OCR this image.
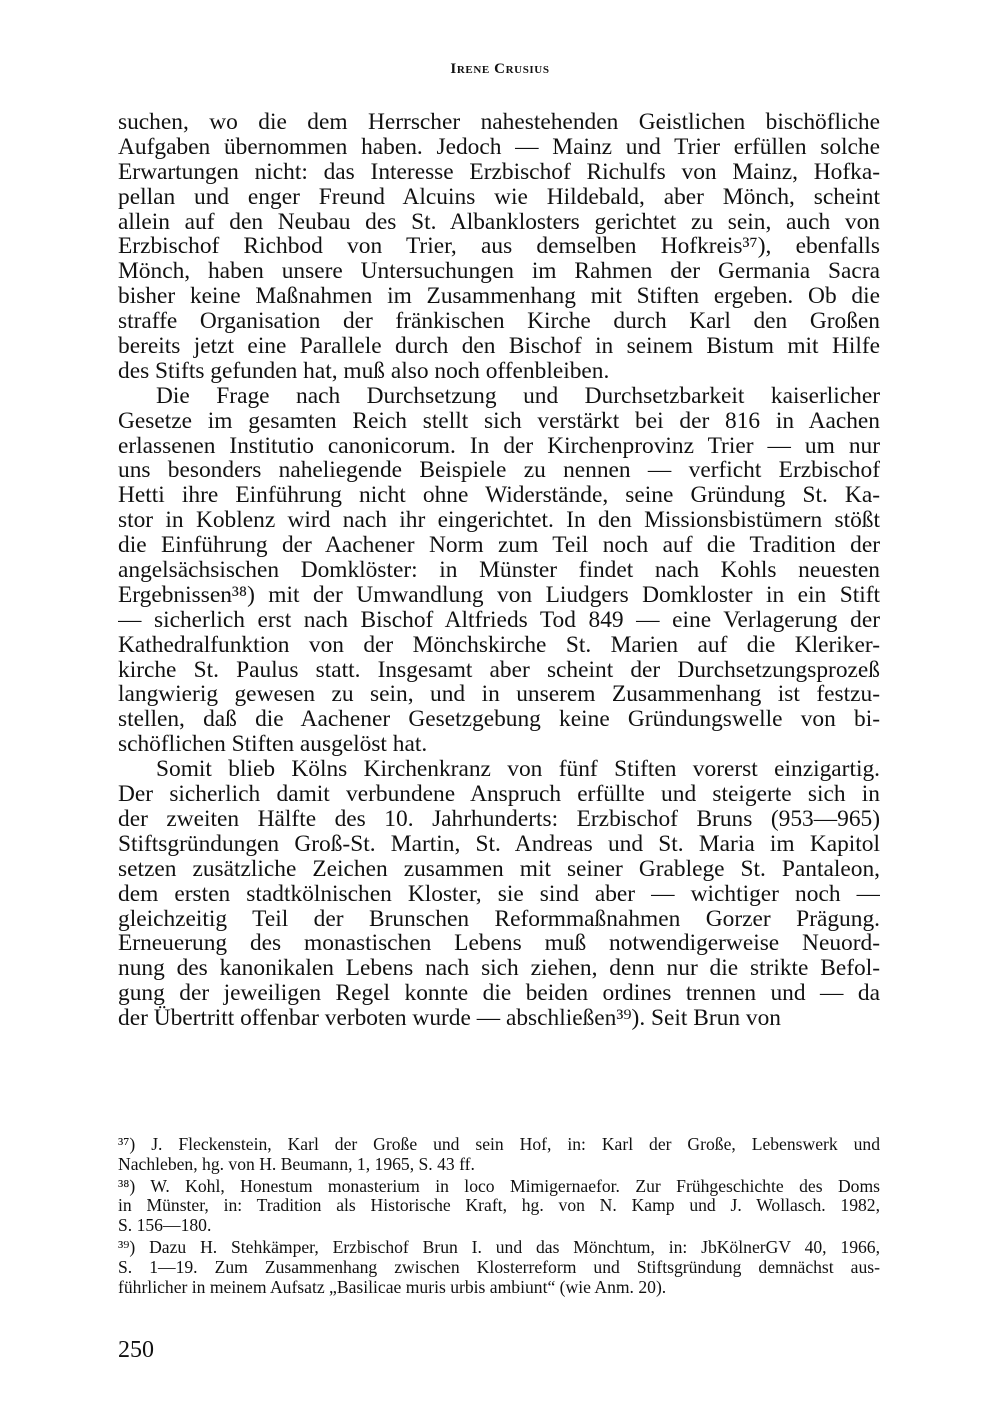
Irene Crusius
suchen, wo die dem Herrscher nahestehenden Geistlichen bischöfliche
Aufgaben übernommen haben. Jedoch — Mainz und Trier erfüllen solche
Erwartungen nicht: das Interesse Erzbischof Richulfs von Mainz, Hofka-
pellan und enger Freund Alcuins wie Hildebald, aber Mönch, scheint
allein auf den Neubau des St. Albanklosters gerichtet zu sein, auch von
Erzbischof Richbod von Trier, aus demselben Hofkreis³⁷), ebenfalls
Mönch, haben unsere Untersuchungen im Rahmen der Germania Sacra
bisher keine Maßnahmen im Zusammenhang mit Stiften ergeben. Ob die
straffe Organisation der fränkischen Kirche durch Karl den Großen
bereits jetzt eine Parallele durch den Bischof in seinem Bistum mit Hilfe
des Stifts gefunden hat, muß also noch offenbleiben.
Die Frage nach Durchsetzung und Durchsetzbarkeit kaiserlicher
Gesetze im gesamten Reich stellt sich verstärkt bei der 816 in Aachen
erlassenen Institutio canonicorum. In der Kirchenprovinz Trier — um nur
uns besonders naheliegende Beispiele zu nennen — verficht Erzbischof
Hetti ihre Einführung nicht ohne Widerstände, seine Gründung St. Ka-
stor in Koblenz wird nach ihr eingerichtet. In den Missionsbistümern stößt
die Einführung der Aachener Norm zum Teil noch auf die Tradition der
angelsächsischen Domklöster: in Münster findet nach Kohls neuesten
Ergebnissen³⁸) mit der Umwandlung von Liudgers Domkloster in ein Stift
— sicherlich erst nach Bischof Altfrieds Tod 849 — eine Verlagerung der
Kathedralfunktion von der Mönchskirche St. Marien auf die Kleriker-
kirche St. Paulus statt. Insgesamt aber scheint der Durchsetzungsprozeß
langwierig gewesen zu sein, und in unserem Zusammenhang ist festzu-
stellen, daß die Aachener Gesetzgebung keine Gründungswelle von bi-
schöflichen Stiften ausgelöst hat.
Somit blieb Kölns Kirchenkranz von fünf Stiften vorerst einzigartig.
Der sicherlich damit verbundene Anspruch erfüllte und steigerte sich in
der zweiten Hälfte des 10. Jahrhunderts: Erzbischof Bruns (953—965)
Stiftsgründungen Groß-St. Martin, St. Andreas und St. Maria im Kapitol
setzen zusätzliche Zeichen zusammen mit seiner Grablege St. Pantaleon,
dem ersten stadtkölnischen Kloster, sie sind aber — wichtiger noch —
gleichzeitig Teil der Brunschen Reformmaßnahmen Gorzer Prägung.
Erneuerung des monastischen Lebens muß notwendigerweise Neuord-
nung des kanonikalen Lebens nach sich ziehen, denn nur die strikte Befol-
gung der jeweiligen Regel konnte die beiden ordines trennen und — da
der Übertritt offenbar verboten wurde — abschließen³⁹). Seit Brun von
³⁷) J. Fleckenstein, Karl der Große und sein Hof, in: Karl der Große, Lebenswerk und
Nachleben, hg. von H. Beumann, 1, 1965, S. 43 ff.
³⁸) W. Kohl, Honestum monasterium in loco Mimigernaefor. Zur Frühgeschichte des Doms
in Münster, in: Tradition als Historische Kraft, hg. von N. Kamp und J. Wollasch. 1982,
S. 156—180.
³⁹) Dazu H. Stehkämper, Erzbischof Brun I. und das Mönchtum, in: JbKölnerGV 40, 1966,
S. 1—19. Zum Zusammenhang zwischen Klosterreform und Stiftsgründung demnächst aus-
führlicher in meinem Aufsatz „Basilicae muris urbis ambiunt“ (wie Anm. 20).
250
